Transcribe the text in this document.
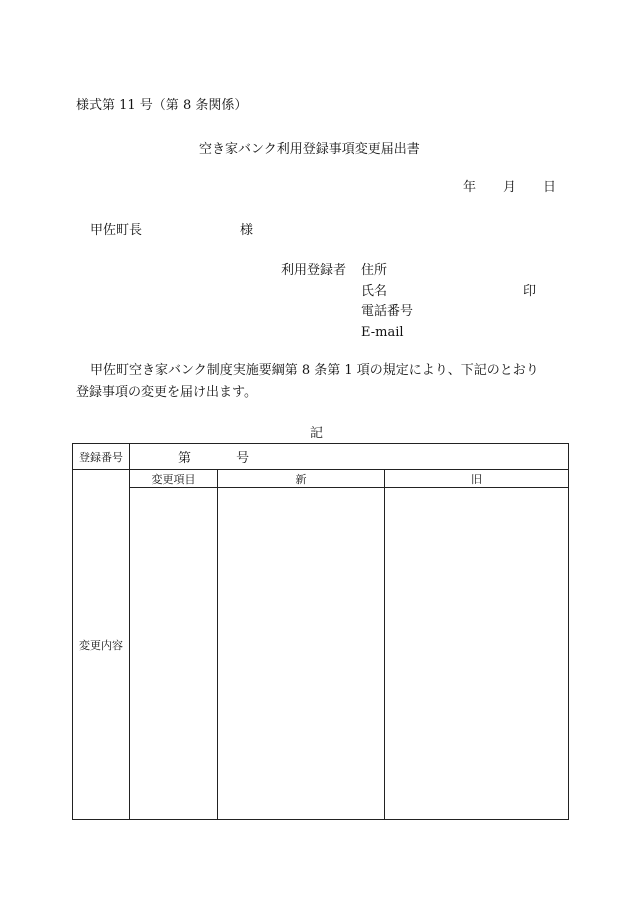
様式第 11 号（第 8 条関係）
空き家バンク利用登録事項変更届出書
年 月 日
甲佐町長	様
利用登録者 住所
氏名	印
電話番号
E-mail
甲佐町空き家バンク制度実施要綱第 8 条第 1 項の規定により、下記のとおり
登録事項の変更を届け出ます。
記
登録番号	第 号		
変更内容	変更項目	新	旧
